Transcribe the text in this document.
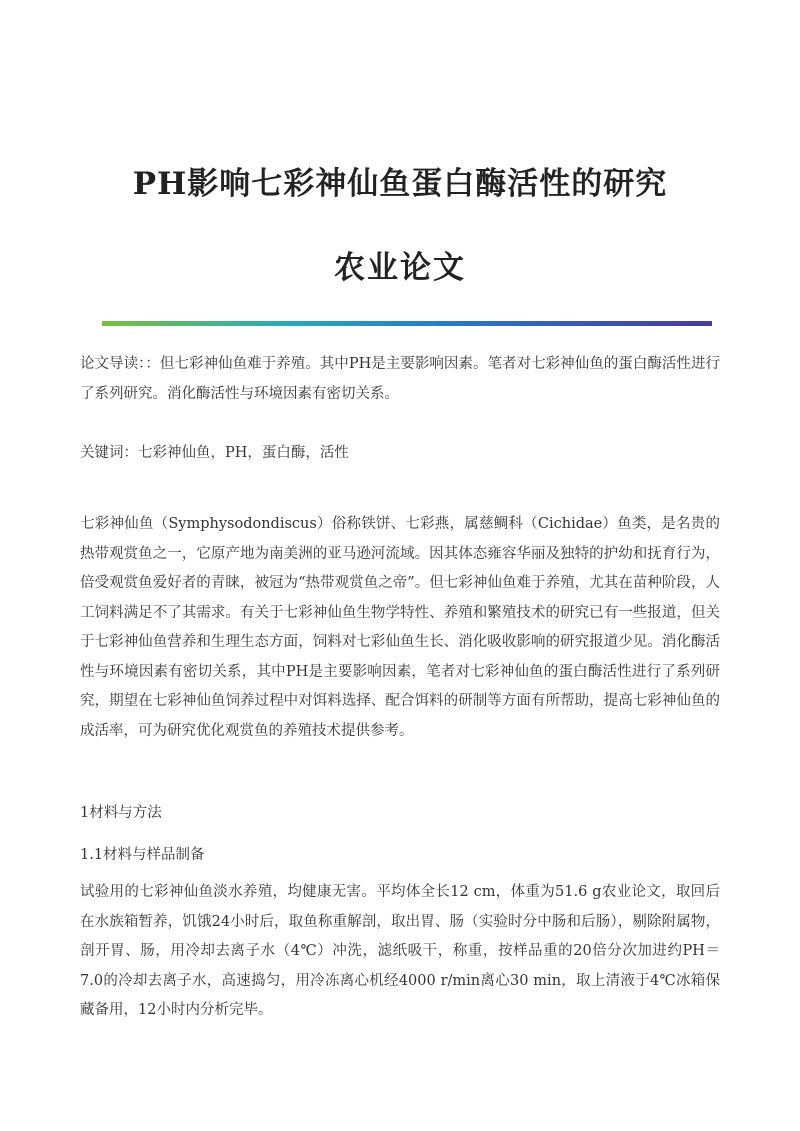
PH影响七彩神仙鱼蛋白酶活性的研究
农业论文
论文导读：：但七彩神仙鱼难于养殖。其中PH是主要影响因素。笔者对七彩神仙鱼的蛋白酶活性进行了系列研究。消化酶活性与环境因素有密切关系。
关键词：七彩神仙鱼，PH，蛋白酶，活性
七彩神仙鱼（Symphysodondiscus）俗称铁饼、七彩燕，属慈鲷科（Cichidae）鱼类，是名贵的热带观赏鱼之一，它原产地为南美洲的亚马逊河流域。因其体态雍容华丽及独特的护幼和抚育行为，倍受观赏鱼爱好者的青睐，被冠为“热带观赏鱼之帝”。但七彩神仙鱼难于养殖，尤其在苗种阶段，人工饲料满足不了其需求。有关于七彩神仙鱼生物学特性、养殖和繁殖技术的研究已有一些报道，但关于七彩神仙鱼营养和生理生态方面，饲料对七彩仙鱼生长、消化吸收影响的研究报道少见。消化酶活性与环境因素有密切关系，其中PH是主要影响因素，笔者对七彩神仙鱼的蛋白酶活性进行了系列研究，期望在七彩神仙鱼饲养过程中对饵料选择、配合饵料的研制等方面有所帮助，提高七彩神仙鱼的成活率，可为研究优化观赏鱼的养殖技术提供参考。
1材料与方法
1.1材料与样品制备
试验用的七彩神仙鱼淡水养殖，均健康无害。平均体全长12 cm，体重为51.6 g农业论文，取回后在水族箱暂养，饥饿24小时后，取鱼称重解剖，取出胃、肠（实验时分中肠和后肠），剔除附属物，剖开胃、肠，用冷却去离子水（4℃）冲洗，滤纸吸干，称重，按样品重的20倍分次加进约PH＝7.0的冷却去离子水，高速捣匀，用冷冻离心机经4000 r/min离心30 min，取上清液于4℃冰箱保藏备用，12小时内分析完毕。
